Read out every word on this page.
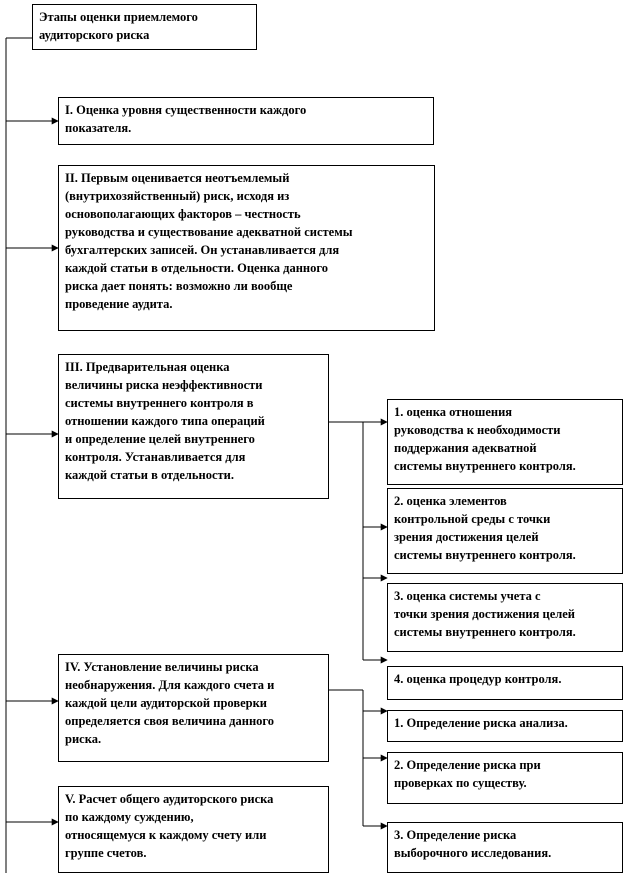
Этапы оценки приемлемого
аудиторского риска
I. Оценка уровня существенности каждого
показателя.
II. Первым оценивается неотъемлемый
(внутрихозяйственный) риск, исходя из
основополагающих факторов – честность
руководства и существование адекватной системы
бухгалтерских записей. Он устанавливается для
каждой статьи в отдельности. Оценка данного
риска дает понять: возможно ли вообще
проведение аудита.
III. Предварительная оценка
величины риска неэффективности
системы внутреннего контроля в
отношении каждого типа операций
и определение целей внутреннего
контроля. Устанавливается для
каждой статьи в отдельности.
IV. Установление величины риска
необнаружения. Для каждого счета и
каждой цели аудиторской проверки
определяется своя величина данного
риска.
V. Расчет общего аудиторского риска
по каждому суждению,
относящемуся к каждому счету или
группе счетов.
1. оценка отношения
руководства к необходимости
поддержания адекватной
системы внутреннего контроля.
2. оценка элементов
контрольной среды с точки
зрения достижения целей
системы внутреннего контроля.
3. оценка системы учета с
точки зрения достижения целей
системы внутреннего контроля.
4. оценка процедур контроля.
1. Определение риска анализа.
2. Определение риска при
проверках по существу.
3. Определение риска
выборочного исследования.
